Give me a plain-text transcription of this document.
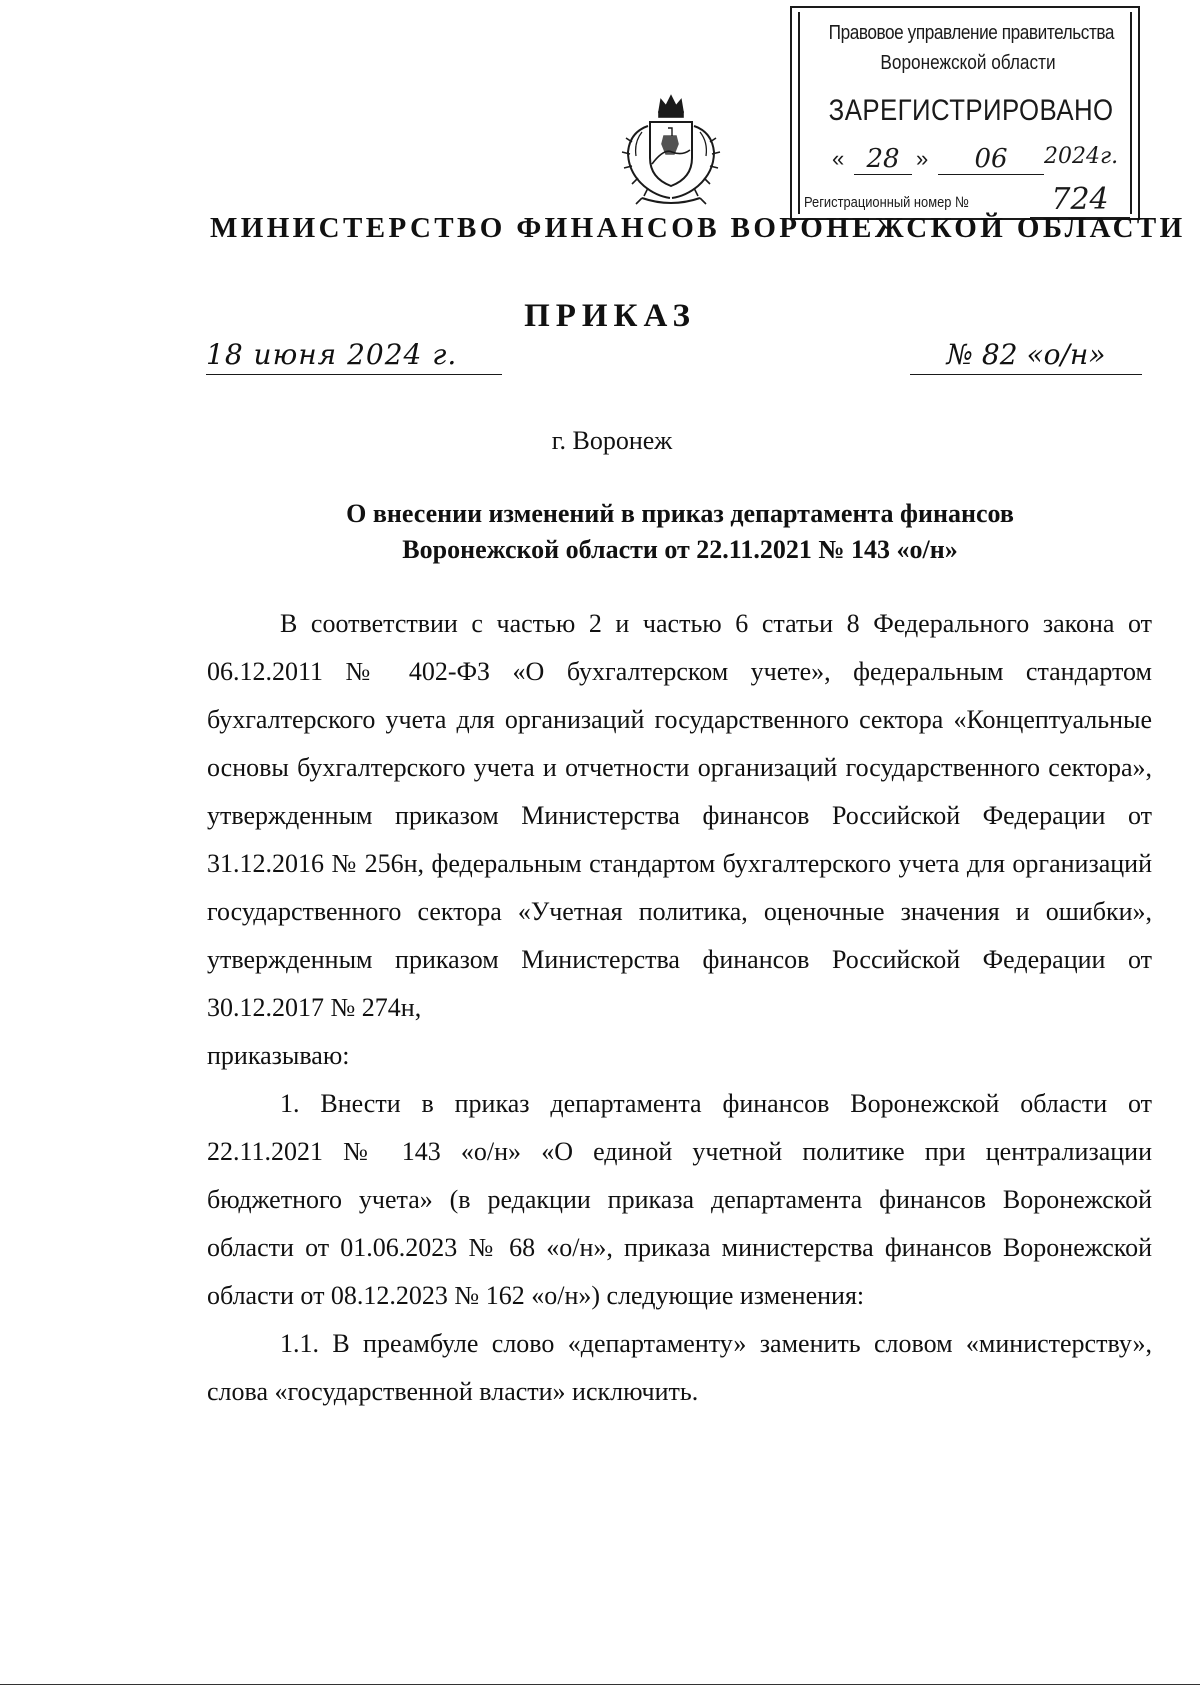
Правовое управление правительства
Воронежской области
ЗАРЕГИСТРИРОВАНО
« 28 »	06	2024г.
Регистрационный номер №	724
МИНИСТЕРСТВО ФИНАНСОВ ВОРОНЕЖСКОЙ ОБЛАСТИ
ПРИКАЗ
18 июня 2024 г.	№ 82 «о/н»
г. Воронеж
О внесении изменений в приказ департамента финансов
Воронежской области от 22.11.2021 № 143 «о/н»

В соответствии с частью 2 и частью 6 статьи 8 Федерального закона от 06.12.2011 № 402-ФЗ «О бухгалтерском учете», федеральным стандартом бухгалтерского учета для организаций государственного сектора «Концептуальные основы бухгалтерского учета и отчетности организаций государственного сектора», утвержденным приказом Министерства финансов Российской Федерации от 31.12.2016 № 256н, федеральным стандартом бухгалтерского учета для организаций государственного сектора «Учетная политика, оценочные значения и ошибки», утвержденным приказом Министерства финансов Российской Федерации от 30.12.2017 № 274н,

приказываю:

1. Внести в приказ департамента финансов Воронежской области от 22.11.2021 № 143 «о/н» «О единой учетной политике при централизации бюджетного учета» (в редакции приказа департамента финансов Воронежской области от 01.06.2023 № 68 «о/н», приказа министерства финансов Воронежской области от 08.12.2023 № 162 «о/н») следующие изменения:

1.1. В преамбуле слово «департаменту» заменить словом «министерству», слова «государственной власти» исключить.
